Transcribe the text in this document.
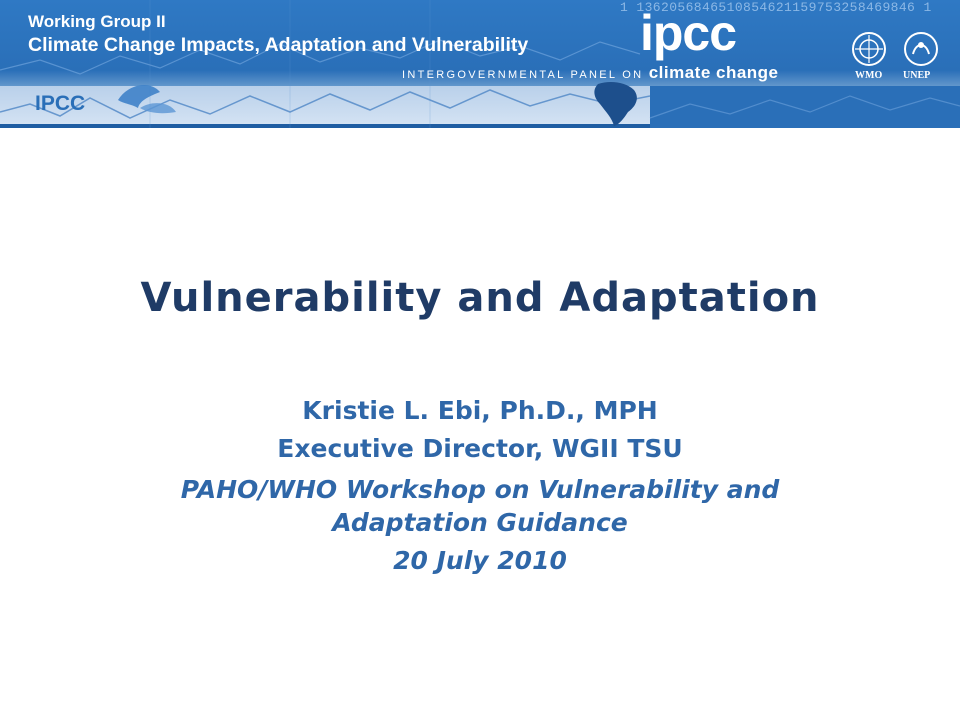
1 1362056846510854621159753258469846 1
Working Group II
Climate Change Impacts, Adaptation and Vulnerability
INTERGOVERNMENTAL PANEL ON climate change
ipcc
IPCC
WMO UNEP
Vulnerability and Adaptation
Kristie L. Ebi, Ph.D., MPH
Executive Director, WGII TSU
PAHO/WHO Workshop on Vulnerability and
Adaptation Guidance
20 July 2010
